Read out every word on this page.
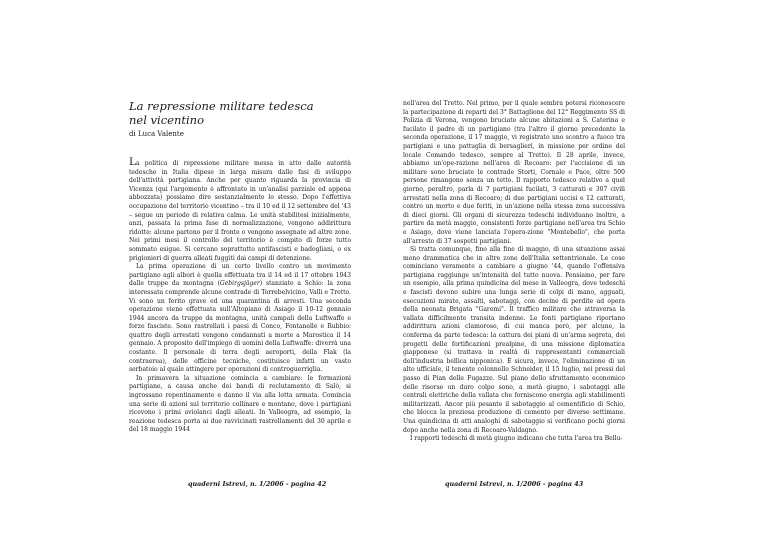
La repressione militare tedesca
nel vicentino

di Luca Valente

La politica di repressione militare messa in atto dalle autorità tedesche in Italia dipese in larga misura dalle fasi di sviluppo dell'attività partigiana. Anche per quanto riguarda la provincia di Vicenza (qui l'argomento è affrontato in un'analisi parziale ed appena abbozzata) possiamo dire sostanzialmente lo stesso. Dopo l'effettiva occupazione del territorio vicentino – tra il 10 ed il 12 settembre del '43 – segue un periodo di relativa calma. Le unità stabilitesi inizialmente, anzi, passata la prima fase di normalizzazione, vengono addirittura ridotte: alcune partono per il fronte o vengono assegnate ad altre zone. Nei primi mesi il controllo del territorio è compito di forze tutto sommato esigue. Si cercano soprattutto antifascisti e badogliani, o ex prigionieri di guerra alleati fuggiti dai campi di detenzione.

La prima operazione di un certo livello contro un movimento partigiano agli albori è quella effettuata tra il 14 ed il 17 ottobre 1943 dalle truppe da montagna (Gebirgsjäger) stanziate a Schio: la zona interessata comprende alcune contrade di Torrebelvicino, Valli e Tretto. Vi sono un ferito grave ed una quarantina di arresti. Una seconda operazione viene effettuata sull'Altopiano di Asiago il 10-12 gennaio 1944 ancora da truppe da montagna, unità campali della Luftwaffe e forze fasciste. Sono rastrellati i paesi di Conco, Fontanelle e Rubbio: quattro degli arrestati vengono condannati a morte a Marostica il 14 gennaio. A proposito dell'impiego di uomini della Luftwaffe: diverrà una costante. Il personale di terra degli aeroporti, della Flak (la contraerea), delle officine tecniche, costituisce infatti un vasto serbatoio al quale attingere per operazioni di controguerriglia.

In primavera la situazione comincia a cambiare: le formazioni partigiane, a causa anche dei bandi di reclutamento di Salò, si ingrossano repentinamente e danno il via alla lotta armata. Comincia una serie di azioni sul territorio collinare e montano, dove i partigiani ricevono i primi aviolanci dagli alleati. In Valleogra, ad esempio, la reazione tedesca porta ai due ravvicinati rastrellamenti del 30 aprile e del 18 maggio 1944

quaderni Istrevi, n. 1/2006 - pagina 42

nell'area del Tretto. Nel primo, per il quale sembra potersi riconoscere la partecipazione di reparti del 3° Battaglione del 12° Reggimento SS di Polizia di Verona, vengono bruciate alcune abitazioni a S. Caterina e fucilato il padre di un partigiano (tra l'altro il giorno precedente la seconda operazione, il 17 maggio, vi registrato uno scontro a fuoco tra partigiani e una pattuglia di bersaglieri, in missione per ordine del locale Comando tedesco, sempre al Tretto). Il 28 aprile, invece, abbiamo un'ope-razione nell'area di Recoaro: per l'uccisione di un militare sono bruciate le contrade Storti, Cornale e Pace, oltre 500 persone rimangono senza un tetto. Il rapporto tedesco relativo a quel giorno, peraltro, parla di 7 partigiani fucilati, 3 catturati e 307 civili arrestati nella zona di Recoaro; di due partigiani uccisi e 12 catturati, contro un morto e due feriti, in un'azione nella stessa zona successiva di dieci giorni. Gli organi di sicurezza tedeschi individuano inoltre, a partire da metà maggio, consistenti forze partigiane nell'area tra Schio e Asiago, dove viene lanciata l'opera-zione "Montebello", che porta all'arresto di 37 sospetti partigiani.

Si tratta comunque, fino alla fine di maggio, di una situazione assai meno drammatica che in altre zone dell'Italia settentrionale. Le cose cominciano veramente a cambiare a giugno '44, quando l'offensiva partigiana raggiunge un'intensità del tutto nuova. Pensiamo, per fare un esempio, alla prima quindicina del mese in Valleogra, dove tedeschi e fascisti devono subire una lunga serie di colpi di mano, agguati, esecuzioni mirate, assalti, sabotaggi, con decine di perdite ad opera della neonata Brigata "Garemi". Il traffico militare che attraversa la vallata difficilmente transita indenne. Le fonti partigiane riportano addirittura azioni clamorose, di cui manca però, per alcune, la conferma da parte tedesca: la cattura dei piani di un'arma segreta, dei progetti delle fortificazioni prealpine, di una missione diplomatica giapponese (si trattava in realtà di rappresentanti commerciali dell'industria bellica nipponica). È sicura, invece, l'eliminazione di un alto ufficiale, il tenente colonnello Schneider, il 15 luglio, nei pressi del passo di Pian delle Fugazze. Sul piano dello sfruttamento economico delle risorse un duro colpo sono, a metà giugno, i sabotaggi alle centrali elettriche della vallata che forniscono energia agli stabilimenti militarizzati. Ancor più pesante il sabotaggio al cementificio di Schio, che blocca la preziosa produzione di cemento per diverse settimane. Una quindicina di atti analoghi di sabotaggio si verificano pochi giorni dopo anche nella zona di Recoaro-Valdagno.

I rapporti tedeschi di metà giugno indicano che tutta l'area tra Bellu-

quaderni Istrevi, n. 1/2006 - pagina 43
